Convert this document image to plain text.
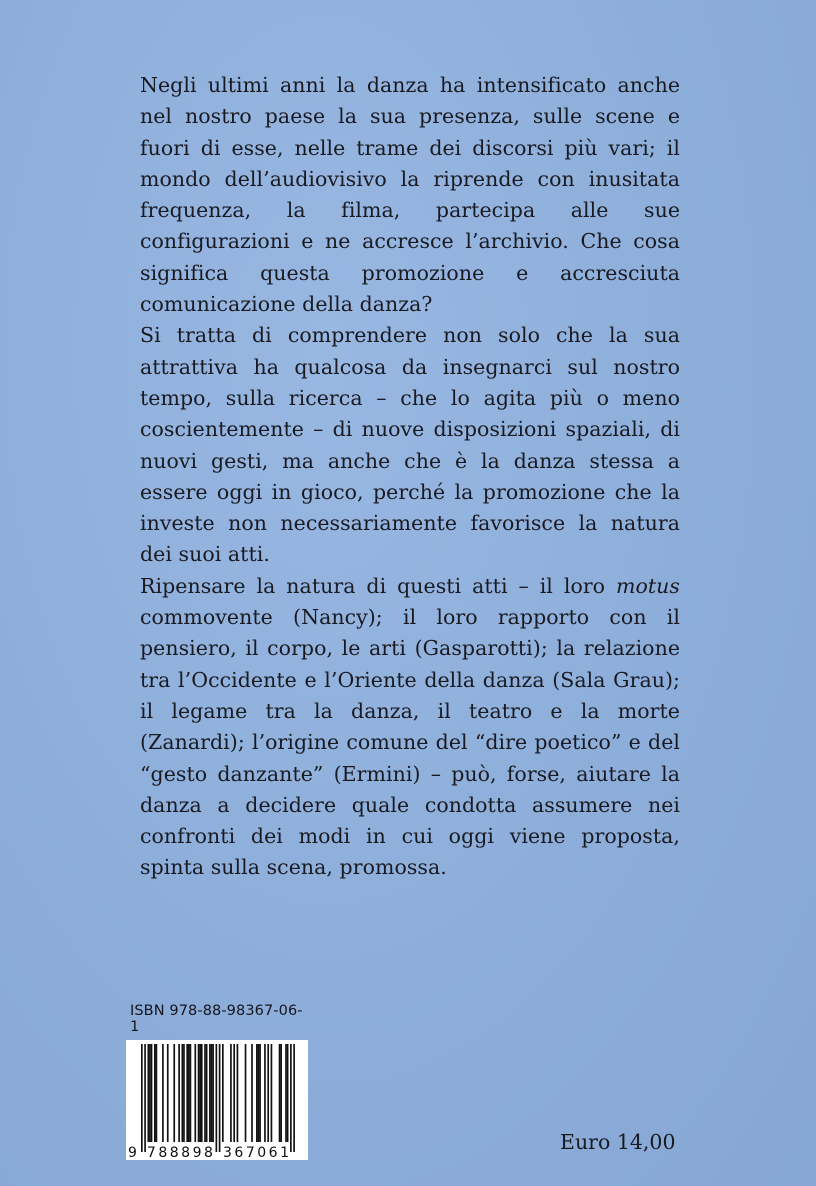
Negli ultimi anni la danza ha intensificato anche nel nostro paese la sua presenza, sulle scene e fuori di esse, nelle trame dei discorsi più vari; il mondo dell’audiovisivo la riprende con inusitata frequenza, la filma, partecipa alle sue configurazioni e ne accresce l’archivio. Che cosa significa questa promozione e accresciuta comunicazione della danza?

Si tratta di comprendere non solo che la sua attrattiva ha qualcosa da insegnarci sul nostro tempo, sulla ricerca – che lo agita più o meno coscientemente – di nuove disposizioni spaziali, di nuovi gesti, ma anche che è la danza stessa a essere oggi in gioco, perché la promozione che la investe non necessariamente favorisce la natura dei suoi atti.

Ripensare la natura di questi atti – il loro motus commovente (Nancy); il loro rapporto con il pensiero, il corpo, le arti (Gasparotti); la relazione tra l’Occidente e l’Oriente della danza (Sala Grau); il legame tra la danza, il teatro e la morte (Zanardi); l’origine comune del “dire poetico” e del “gesto danzante” (Ermini) – può, forse, aiutare la danza a decidere quale condotta assumere nei confronti dei modi in cui oggi viene proposta, spinta sulla scena, promossa.

ISBN 978-88-98367-06-1
9 788898 367061	Euro 14,00
